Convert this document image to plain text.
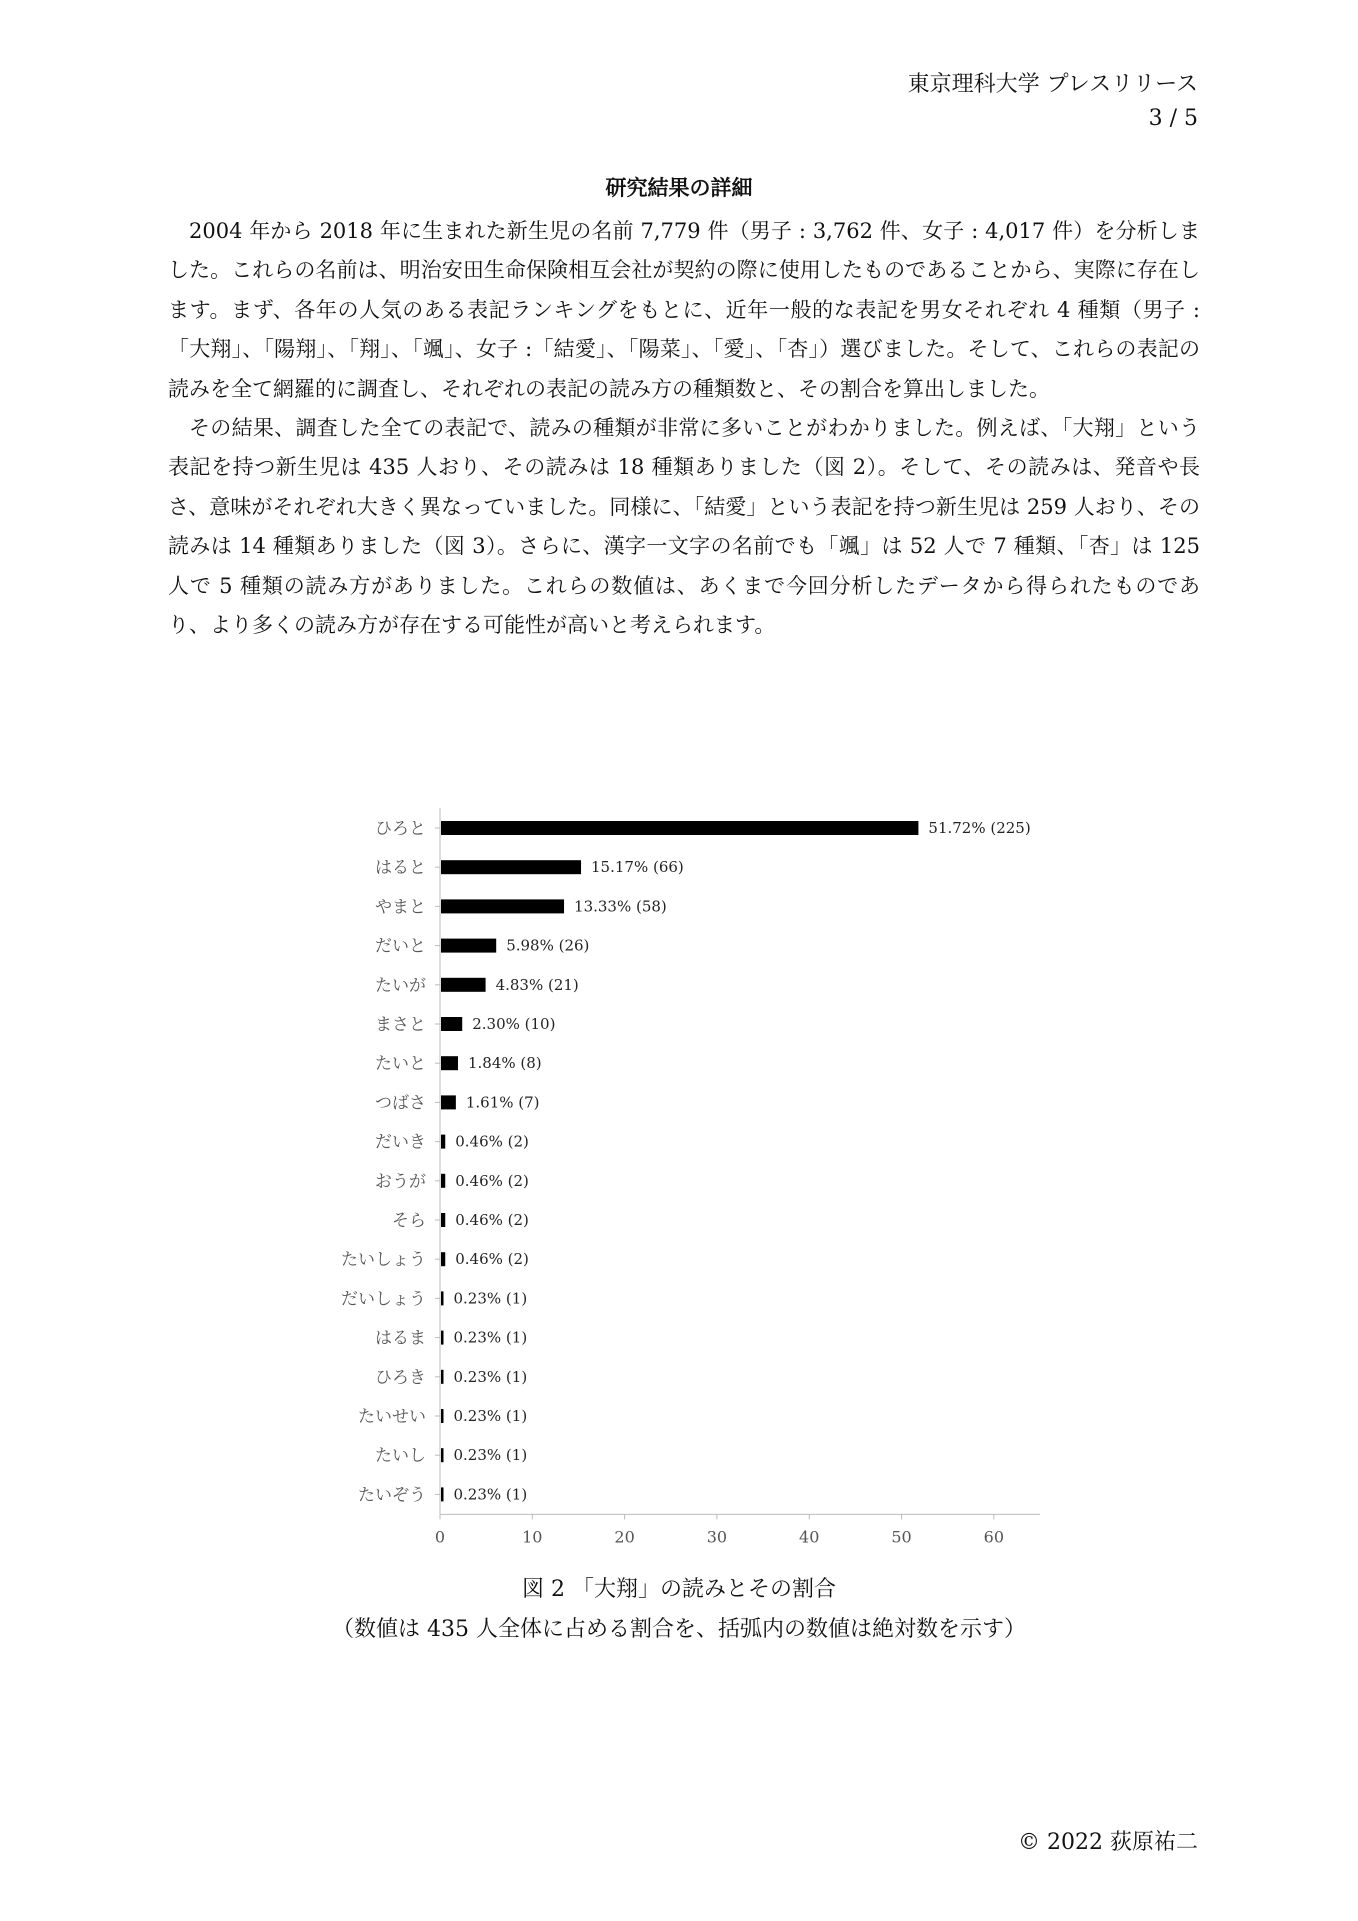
東京理科大学 プレスリリース
3 / 5
研究結果の詳細

2004 年から 2018 年に生まれた新生児の名前 7,779 件（男子 : 3,762 件、女子 : 4,017 件）を分析しました。これらの名前は、明治安田生命保険相互会社が契約の際に使用したものであることから、実際に存在します。まず、各年の人気のある表記ランキングをもとに、近年一般的な表記を男女それぞれ 4 種類（男子 :「大翔」、「陽翔」、「翔」、「颯」、女子 :「結愛」、「陽菜」、「愛」、「杏」）選びました。そして、これらの表記の読みを全て網羅的に調査し、それぞれの表記の読み方の種類数と、その割合を算出しました。

その結果、調査した全ての表記で、読みの種類が非常に多いことがわかりました。例えば、「大翔」という表記を持つ新生児は 435 人おり、その読みは 18 種類ありました（図 2）。そして、その読みは、発音や長さ、意味がそれぞれ大きく異なっていました。同様に、「結愛」という表記を持つ新生児は 259 人おり、その読みは 14 種類ありました（図 3）。さらに、漢字一文字の名前でも「颯」は 52 人で 7 種類、「杏」は 125 人で 5 種類の読み方がありました。これらの数値は、あくまで今回分析したデータから得られたものであり、より多くの読み方が存在する可能性が高いと考えられます。

ひろと	51.72% (225)
はると	15.17% (66)
やまと	13.33% (58)
だいと	5.98% (26)
たいが	4.83% (21)
まさと	2.30% (10)
たいと	1.84% (8)
つばさ	1.61% (7)
だいき 0.46% (2)
おうが 0.46% (2)
そら 0.46% (2)
たいしょう 0.46% (2)
だいしょう 0.23% (1)
はるま 0.23% (1)
ひろき 0.23% (1)
たいせい 0.23% (1)
たいし 0.23% (1)
たいぞう 0.23% (1)
0	10	20	30	40	50	60
図 2 「大翔」の読みとその割合
（数値は 435 人全体に占める割合を、括弧内の数値は絶対数を示す）
© 2022 荻原祐二
